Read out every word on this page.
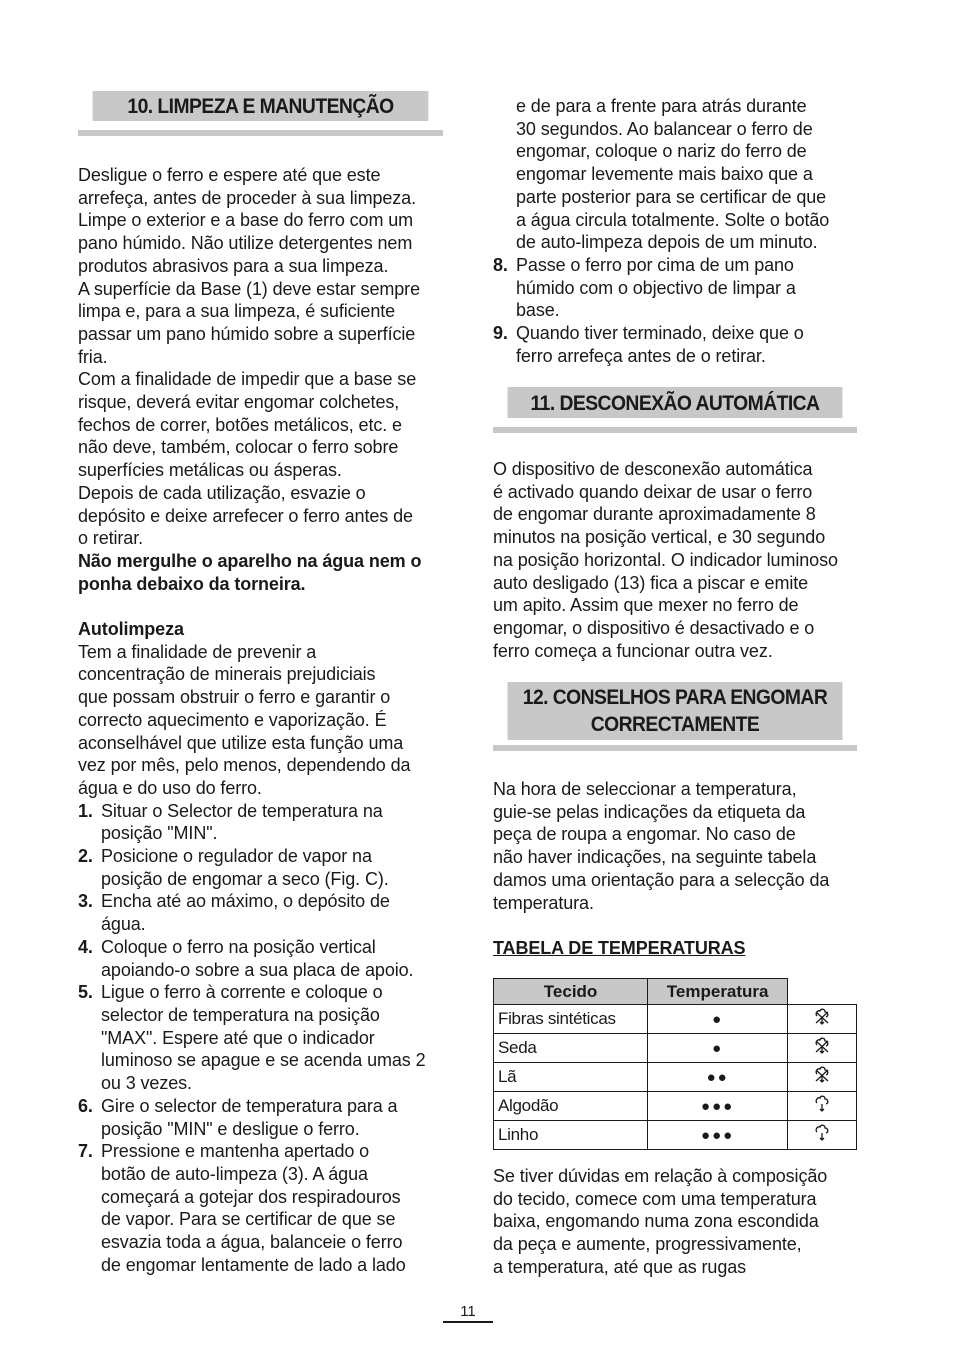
10. LIMPEZA E MANUTENÇÃO
Desligue o ferro e espere até que este
arrefeça, antes de proceder à sua limpeza.
Limpe o exterior e a base do ferro com um
pano húmido. Não utilize detergentes nem
produtos abrasivos para a sua limpeza.
A superfície da Base (1) deve estar sempre
limpa e, para a sua limpeza, é suficiente
passar um pano húmido sobre a superfície
fria.
Com a finalidade de impedir que a base se
risque, deverá evitar engomar colchetes,
fechos de correr, botões metálicos, etc. e
não deve, também, colocar o ferro sobre
superfícies metálicas ou ásperas.
Depois de cada utilização, esvazie o
depósito e deixe arrefecer o ferro antes de
o retirar.
Não mergulhe o aparelho na água nem o
ponha debaixo da torneira.
Autolimpeza
Tem a finalidade de prevenir a
concentração de minerais prejudiciais
que possam obstruir o ferro e garantir o
correcto aquecimento e vaporização. É
aconselhável que utilize esta função uma
vez por mês, pelo menos, dependendo da
água e do uso do ferro.
1. Situar o Selector de temperatura na
posição "MIN".
2. Posicione o regulador de vapor na
posição de engomar a seco (Fig. C).
3. Encha até ao máximo, o depósito de
água.
4. Coloque o ferro na posição vertical
apoiando-o sobre a sua placa de apoio.
5. Ligue o ferro à corrente e coloque o
selector de temperatura na posição
"MAX". Espere até que o indicador
luminoso se apague e se acenda umas 2
ou 3 vezes.
6. Gire o selector de temperatura para a
posição "MIN" e desligue o ferro.
7. Pressione e mantenha apertado o
botão de auto-limpeza (3). A água
começará a gotejar dos respiradouros
de vapor. Para se certificar de que se
esvazia toda a água, balanceie o ferro
de engomar lentamente de lado a lado
e de para a frente para atrás durante
30 segundos. Ao balancear o ferro de
engomar, coloque o nariz do ferro de
engomar levemente mais baixo que a
parte posterior para se certificar de que
a água circula totalmente. Solte o botão
de auto-limpeza depois de um minuto.
8. Passe o ferro por cima de um pano
húmido com o objectivo de limpar a
base.
9. Quando tiver terminado, deixe que o
ferro arrefeça antes de o retirar.
11. DESCONEXÃO AUTOMÁTICA
O dispositivo de desconexão automática
é activado quando deixar de usar o ferro
de engomar durante aproximadamente 8
minutos na posição vertical, e 30 segundo
na posição horizontal. O indicador luminoso
auto desligado (13) fica a piscar e emite
um apito. Assim que mexer no ferro de
engomar, o dispositivo é desactivado e o
ferro começa a funcionar outra vez.
12. CONSELHOS PARA ENGOMAR
CORRECTAMENTE
Na hora de seleccionar a temperatura,
guie-se pelas indicações da etiqueta da
peça de roupa a engomar. No caso de
não haver indicações, na seguinte tabela
damos uma orientação para a selecção da
temperatura.
TABELA DE TEMPERATURAS
Tecido	Temperatura	
Fibras sintéticas	●	
Seda	●	
Lã	●●	
Algodão	●●●	
Linho	●●●	
Se tiver dúvidas em relação à composição
do tecido, comece com uma temperatura
baixa, engomando numa zona escondida
da peça e aumente, progressivamente,
a temperatura, até que as rugas
11
